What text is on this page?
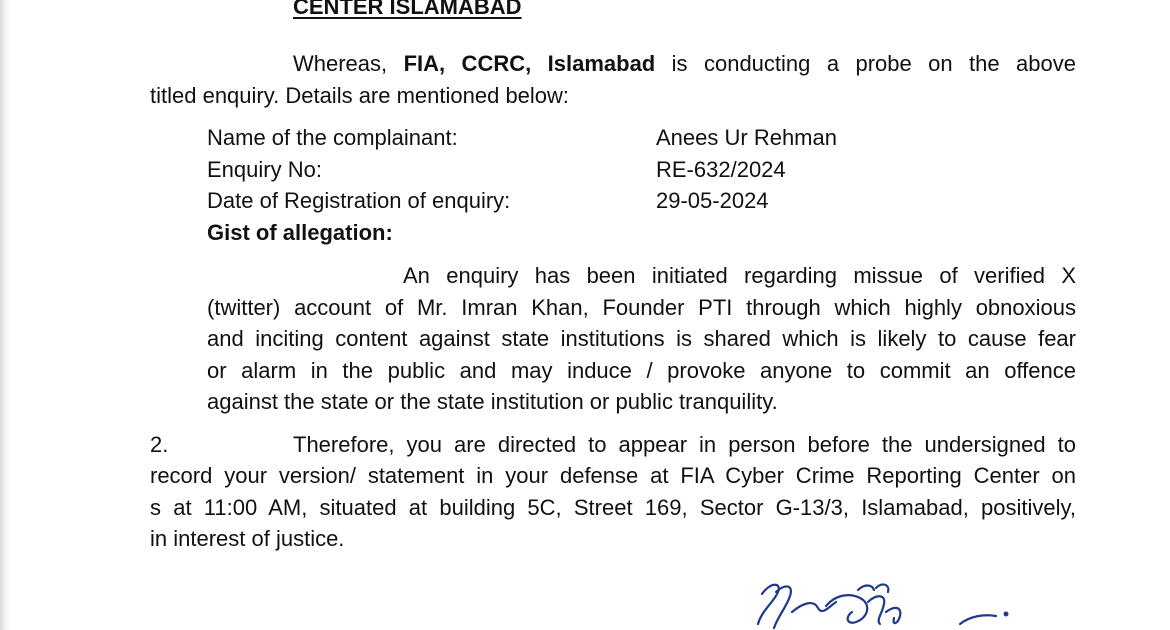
CENTER ISLAMABAD
Whereas, FIA, CCRC, Islamabad is conducting a probe on the above
titled enquiry. Details are mentioned below:
Name of the complainant:	Anees Ur Rehman
Enquiry No:	RE-632/2024
Date of Registration of enquiry:	29-05-2024
Gist of allegation:
An enquiry has been initiated regarding missue of verified X
(twitter) account of Mr. Imran Khan, Founder PTI through which highly obnoxious
and inciting content against state institutions is shared which is likely to cause fear
or alarm in the public and may induce / provoke anyone to commit an offence
against the state or the state institution or public tranquility.
2.	Therefore, you are directed to appear in person before the undersigned to
record your version/ statement in your defense at FIA Cyber Crime Reporting Center on
s at 11:00 AM, situated at building 5C, Street 169, Sector G-13/3, Islamabad, positively,
in interest of justice.
